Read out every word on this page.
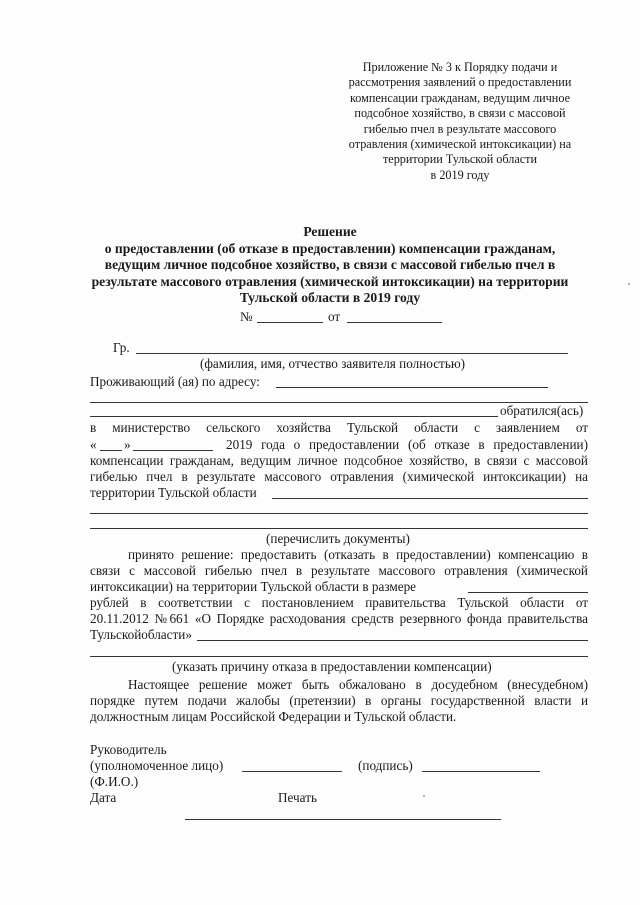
Приложение № 3 к Порядку подачи и
рассмотрения заявлений о предоставлении
компенсации гражданам, ведущим личное
подсобное хозяйство, в связи с массовой
гибелью пчел в результате массового
отравления (химической интоксикации) на
территории Тульской области
в 2019 году
Решение
о предоставлении (об отказе в предоставлении) компенсации гражданам,
ведущим личное подсобное хозяйство, в связи с массовой гибелью пчел в
результате массового отравления (химической интоксикации) на территории
Тульской области в 2019 году
№	от
Гр.
(фамилия, имя, отчество заявителя полностью)
Проживающий (ая) по адресу:
обратился(ась)
в министерство сельского хозяйства Тульской области с заявлением от
« »	2019 года о предоставлении (об отказе в предоставлении)
компенсации гражданам, ведущим личное подсобное хозяйство, в связи с массовой
гибелью пчел в результате массового отравления (химической интоксикации) на
территории Тульской области
(перечислить документы)
принято решение: предоставить (отказать в предоставлении) компенсацию в
связи с массовой гибелью пчел в результате массового отравления (химической
интоксикации) на территории Тульской области в размере
рублей в соответствии с постановлением правительства Тульской области от
20.11.2012 №661 «О Порядке расходования средств резервного фонда правительства
Тульскойобласти»
(указать причину отказа в предоставлении компенсации)
Настоящее решение может быть обжаловано в досудебном (внесудебном)
порядке путем подачи жалобы (претензии) в органы государственной власти и
должностным лицам Российской Федерации и Тульской области.
Руководитель
(уполномоченное лицо)	(подпись)
(Ф.И.О.)
Дата	Печать
